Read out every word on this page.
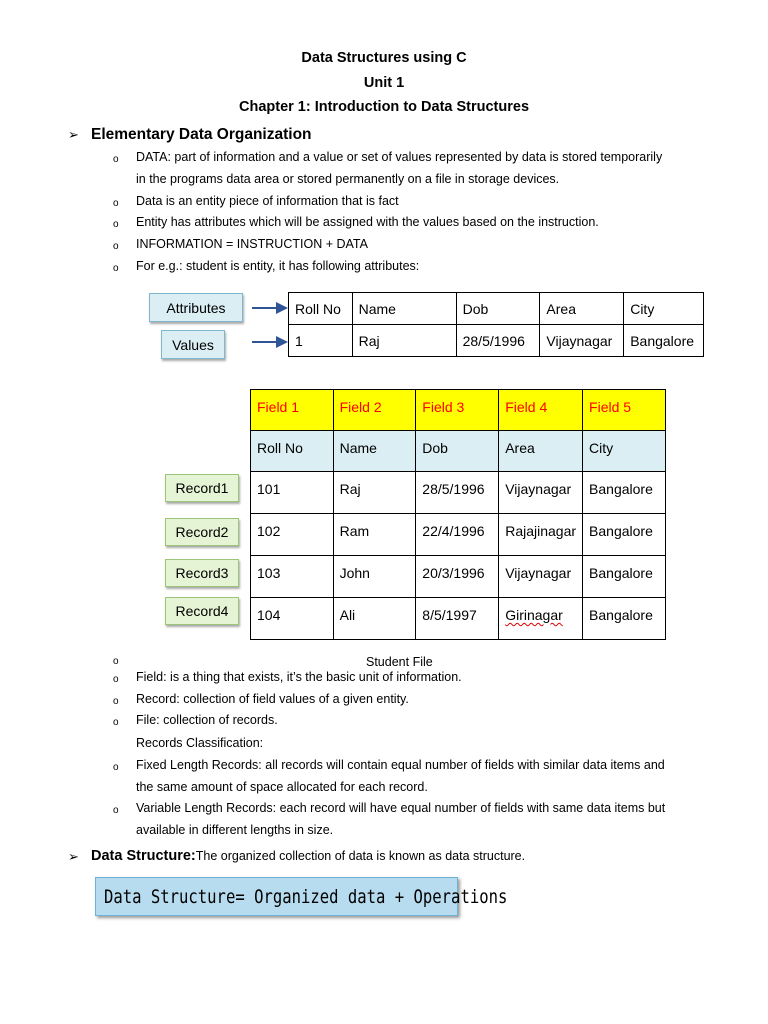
Data Structures using C
Unit 1
Chapter 1: Introduction to Data Structures
➢ Elementary Data Organization
o DATA: part of information and a value or set of values represented by data is stored temporarily
in the programs data area or stored permanently on a file in storage devices.
o Data is an entity piece of information that is fact
o Entity has attributes which will be assigned with the values based on the instruction.
o INFORMATION = INSTRUCTION + DATA
o For e.g.: student is entity, it has following attributes:
Attributes
Values
Roll No	Name	Dob	Area	City
1	Raj	28/5/1996	Vijaynagar	Bangalore
Field 1	Field 2	Field 3	Field 4	Field 5
Roll No	Name	Dob	Area	City
101	Raj	28/5/1996	Vijaynagar	Bangalore
102	Ram	22/4/1996	Rajajinagar	Bangalore
103	John	20/3/1996	Vijaynagar	Bangalore
104	Ali	8/5/1997	Girinagar	Bangalore
Record1
Record2
Record3
Record4
o	Student File
o Field: is a thing that exists, it’s the basic unit of information.
o Record: collection of field values of a given entity.
o File: collection of records.
Records Classification:
o Fixed Length Records: all records will contain equal number of fields with similar data items and
the same amount of space allocated for each record.
o Variable Length Records: each record will have equal number of fields with same data items but
available in different lengths in size.
➢ Data Structure:The organized collection of data is known as data structure.
Data Structure= Organized data + Operations
